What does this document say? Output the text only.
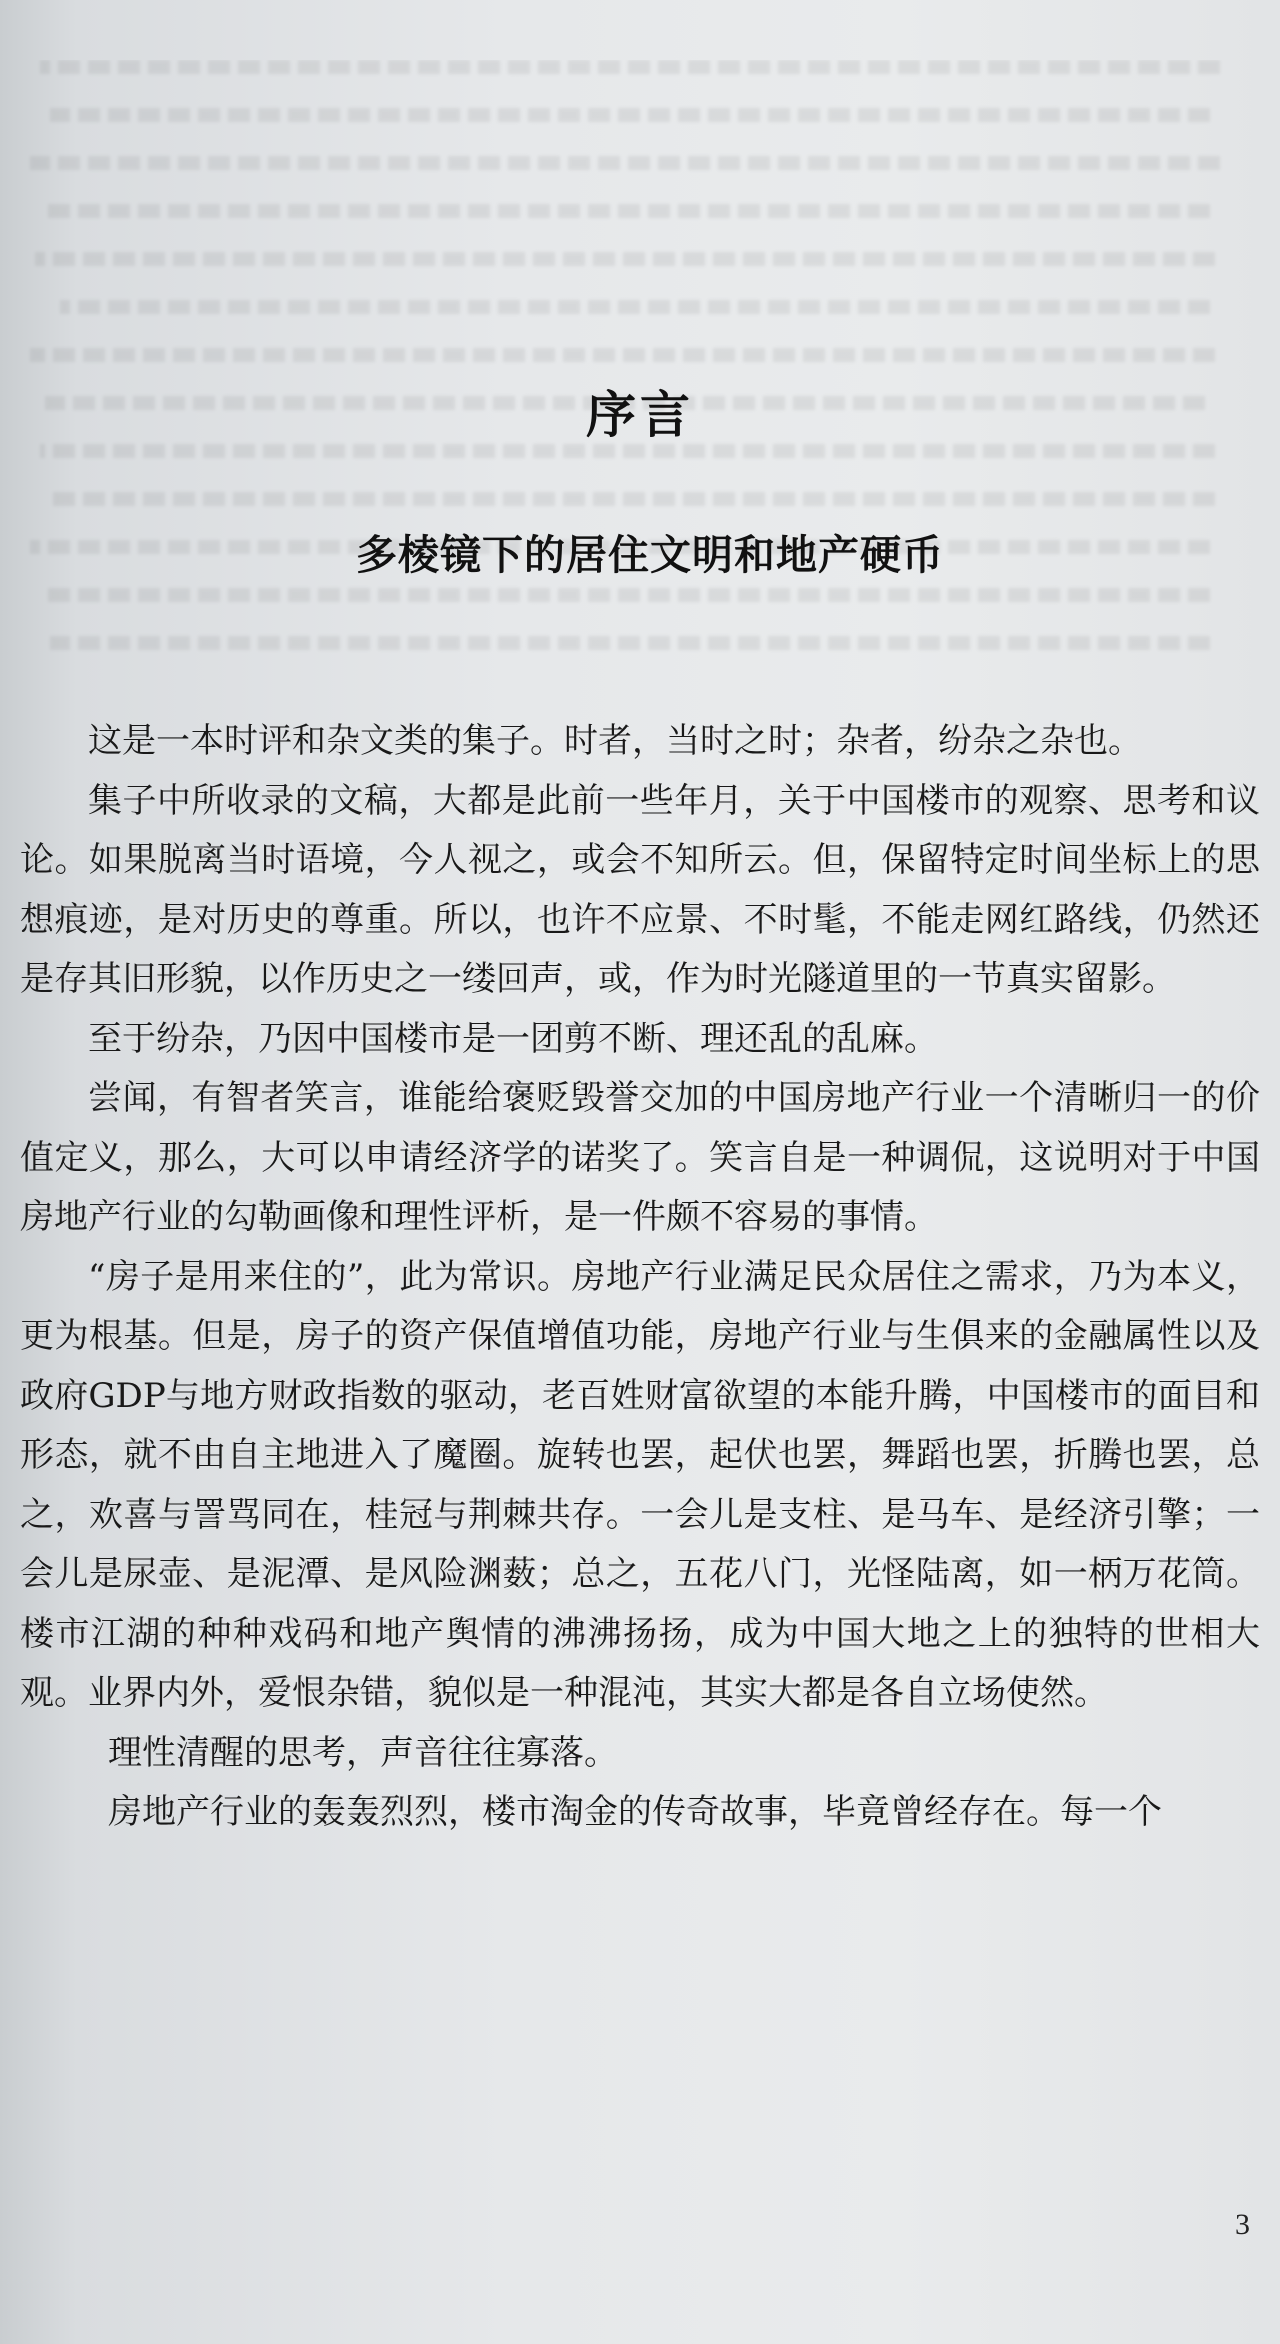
序言
多棱镜下的居住文明和地产硬币

这是一本时评和杂文类的集子。时者，当时之时；杂者，纷杂之杂也。

集子中所收录的文稿，大都是此前一些年月，关于中国楼市的观察、思考和议论。如果脱离当时语境，今人视之，或会不知所云。但，保留特定时间坐标上的思想痕迹，是对历史的尊重。所以，也许不应景、不时髦，不能走网红路线，仍然还是存其旧形貌，以作历史之一缕回声，或，作为时光隧道里的一节真实留影。

至于纷杂，乃因中国楼市是一团剪不断、理还乱的乱麻。

尝闻，有智者笑言，谁能给褒贬毁誉交加的中国房地产行业一个清晰归一的价值定义，那么，大可以申请经济学的诺奖了。笑言自是一种调侃，这说明对于中国房地产行业的勾勒画像和理性评析，是一件颇不容易的事情。

“房子是用来住的”，此为常识。房地产行业满足民众居住之需求，乃为本义，更为根基。但是，房子的资产保值增值功能，房地产行业与生俱来的金融属性以及政府GDP与地方财政指数的驱动，老百姓财富欲望的本能升腾，中国楼市的面目和形态，就不由自主地进入了魔圈。旋转也罢，起伏也罢，舞蹈也罢，折腾也罢，总之，欢喜与詈骂同在，桂冠与荆棘共存。一会儿是支柱、是马车、是经济引擎；一会儿是尿壶、是泥潭、是风险渊薮；总之，五花八门，光怪陆离，如一柄万花筒。楼市江湖的种种戏码和地产舆情的沸沸扬扬，成为中国大地之上的独特的世相大观。业界内外，爱恨杂错，貌似是一种混沌，其实大都是各自立场使然。

理性清醒的思考，声音往往寡落。

房地产行业的轰轰烈烈，楼市淘金的传奇故事，毕竟曾经存在。每一个

3
